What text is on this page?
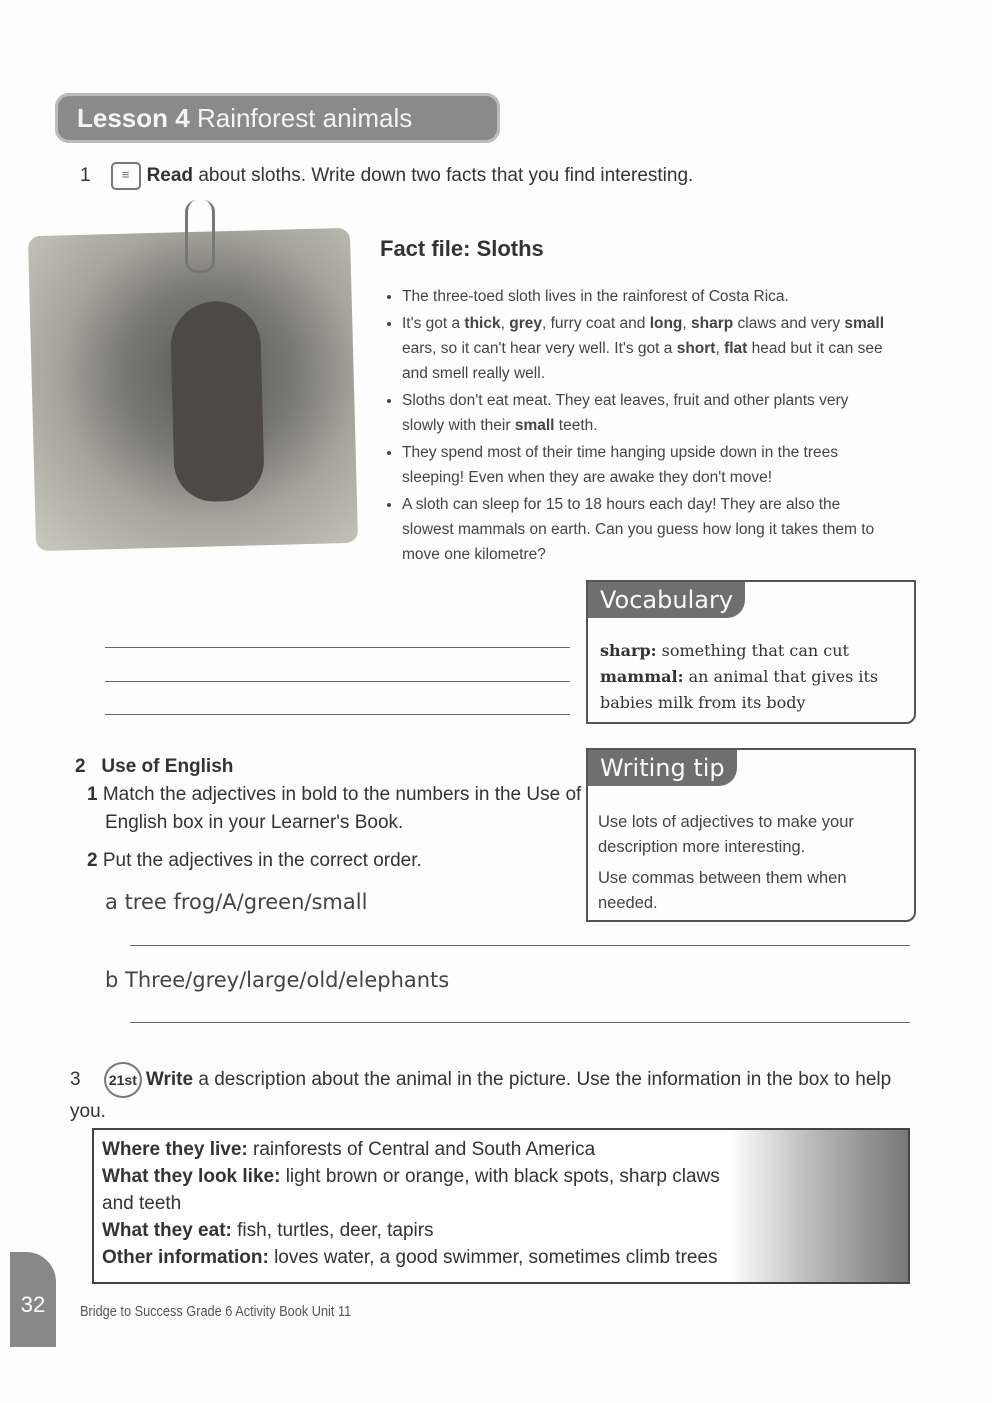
Lesson 4 Rainforest animals
1 ≡ Read about sloths. Write down two facts that you find interesting.
Fact file: Sloths
• The three-toed sloth lives in the rainforest of Costa Rica.
• It's got a thick, grey, furry coat and long, sharp claws and very small ears, so it can't hear very well. It's got a short, flat head but it can see and smell really well.
• Sloths don't eat meat. They eat leaves, fruit and other plants very slowly with their small teeth.
• They spend most of their time hanging upside down in the trees sleeping! Even when they are awake they don't move!
• A sloth can sleep for 15 to 18 hours each day! They are also the slowest mammals on earth. Can you guess how long it takes them to move one kilometre?
Vocabulary
sharp: something that can cut
mammal: an animal that gives its babies milk from its body
Writing tip
Use lots of adjectives to make your description more interesting.
Use commas between them when needed.
2 Use of English
1 Match the adjectives in bold to the numbers in the Use of English box in your Learner's Book.
2 Put the adjectives in the correct order.
a tree frog/A/green/small
b Three/grey/large/old/elephants
3 21st Write a description about the animal in the picture. Use the information in the box to help you.
Where they live: rainforests of Central and South America
What they look like: light brown or orange, with black spots, sharp claws and teeth
What they eat: fish, turtles, deer, tapirs
Other information: loves water, a good swimmer, sometimes climb trees
32	Bridge to Success Grade 6 Activity Book Unit 11
